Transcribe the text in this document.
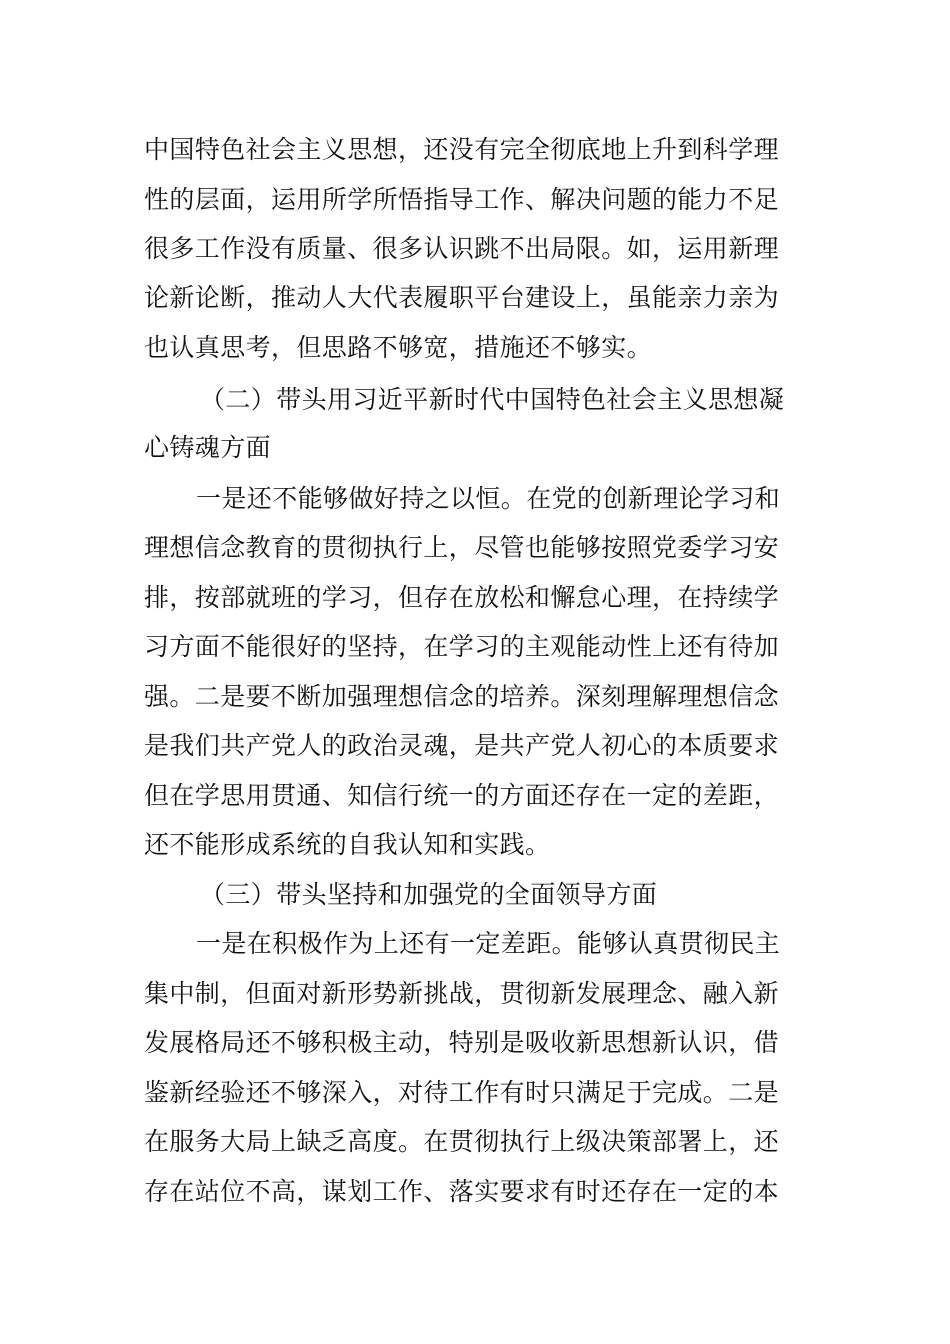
中国特色社会主义思想，还没有完全彻底地上升到科学理
性的层面，运用所学所悟指导工作、解决问题的能力不足
很多工作没有质量、很多认识跳不出局限。如，运用新理
论新论断，推动人大代表履职平台建设上，虽能亲力亲为
也认真思考，但思路不够宽，措施还不够实。
（二）带头用习近平新时代中国特色社会主义思想凝
心铸魂方面
一是还不能够做好持之以恒。在党的创新理论学习和
理想信念教育的贯彻执行上，尽管也能够按照党委学习安
排，按部就班的学习，但存在放松和懈怠心理，在持续学
习方面不能很好的坚持，在学习的主观能动性上还有待加
强。二是要不断加强理想信念的培养。深刻理解理想信念
是我们共产党人的政治灵魂，是共产党人初心的本质要求
但在学思用贯通、知信行统一的方面还存在一定的差距，
还不能形成系统的自我认知和实践。
（三）带头坚持和加强党的全面领导方面
一是在积极作为上还有一定差距。能够认真贯彻民主
集中制，但面对新形势新挑战，贯彻新发展理念、融入新
发展格局还不够积极主动，特别是吸收新思想新认识，借
鉴新经验还不够深入，对待工作有时只满足于完成。二是
在服务大局上缺乏高度。在贯彻执行上级决策部署上，还
存在站位不高，谋划工作、落实要求有时还存在一定的本
